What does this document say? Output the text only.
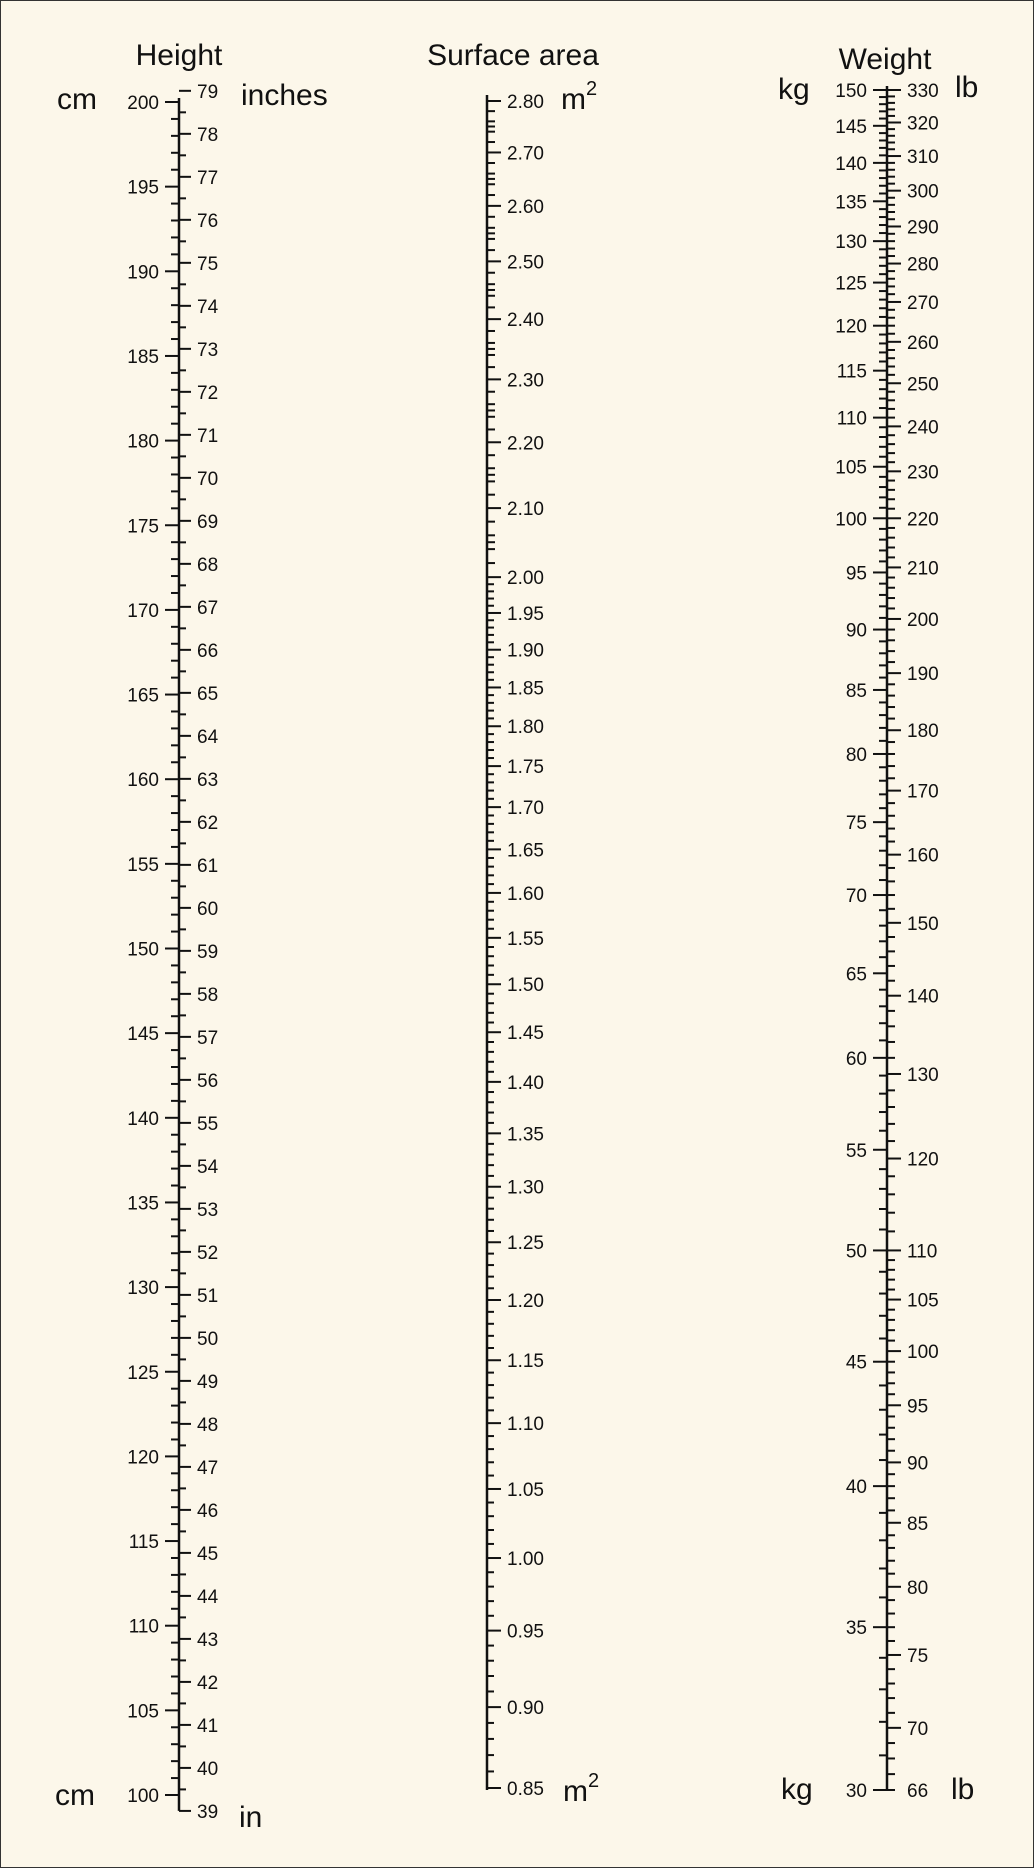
Height	Surface area	Weight
cm	inches
cm
in
$m^2$
$m^2$
kg	lb
kg	lb
200
195
190
185
180
175
170
165
160
155
150
145
140
135
130
125
120
115
110
105
100
79
78
77
76
75
74
73
72
71
70
69
68
67
66
65
64
63
62
61
60
59
58
57
56
55
54
53
52
51
50
49
48
47
46
45
44
43
42
41
40
39
2.80
2.70
2.60
2.50
2.40
2.30
2.20
2.10
2.00
1.95
1.90
1.85
1.80
1.75
1.70
1.65
1.60
1.55
1.50
1.45
1.40
1.35
1.30
1.25
1.20
1.15
1.10
1.05
1.00
0.95
0.90
0.85
150
145
140
135
130
125
120
115
110
105
100
95
90
85
80
75
70
65
60
55
50
45
40
35
30
330
320
310
300
290
280
270
260
250
240
230
220
210
200
190
180
170
160
150
140
130
120
110
105
100
95
90
85
80
75
70
66
